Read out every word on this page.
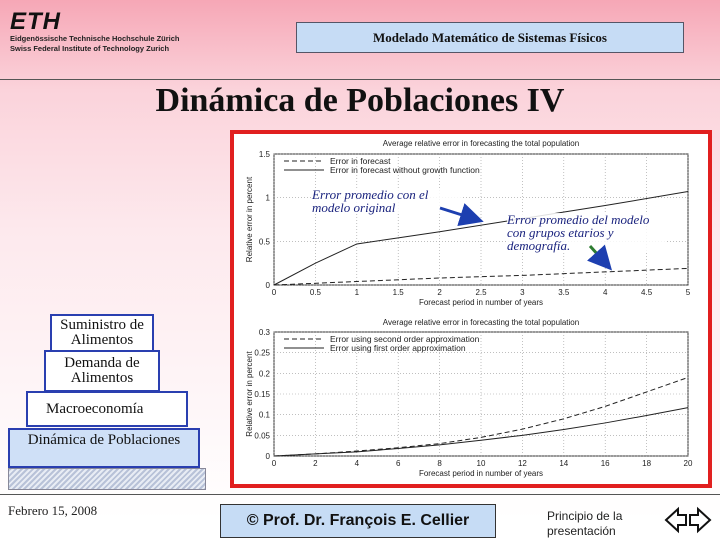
ETH
Eidgenössische Technische Hochschule Zürich
Swiss Federal Institute of Technology Zurich
Modelado Matemático de Sistemas Físicos
Dinámica de Poblaciones IV
Average relative error in forecasting the total population
0	0.5	1	1.5	2	2.5	3	3.5	4	4.5	5
0
0.5
1
1.5
Forecast period in number of years
Relative error in percent
Error in forecast
Error in forecast without growth function
Average relative error in forecasting the total population
0	2	4	6	8	10	12	14	16	18	20
0
0.05
0.1
0.15
0.2
0.25
0.3
Forecast period in number of years
Relative error in percent
Error using second order approximation
Error using first order approximation
Error promedio con el modelo original
Error promedio del modelo con grupos etarios y demografía.
Suministro de Alimentos
Demanda de Alimentos
Macroeconomía
Dinámica de Poblaciones
Febrero 15, 2008
© Prof. Dr. François E. Cellier	Principio de la presentación
